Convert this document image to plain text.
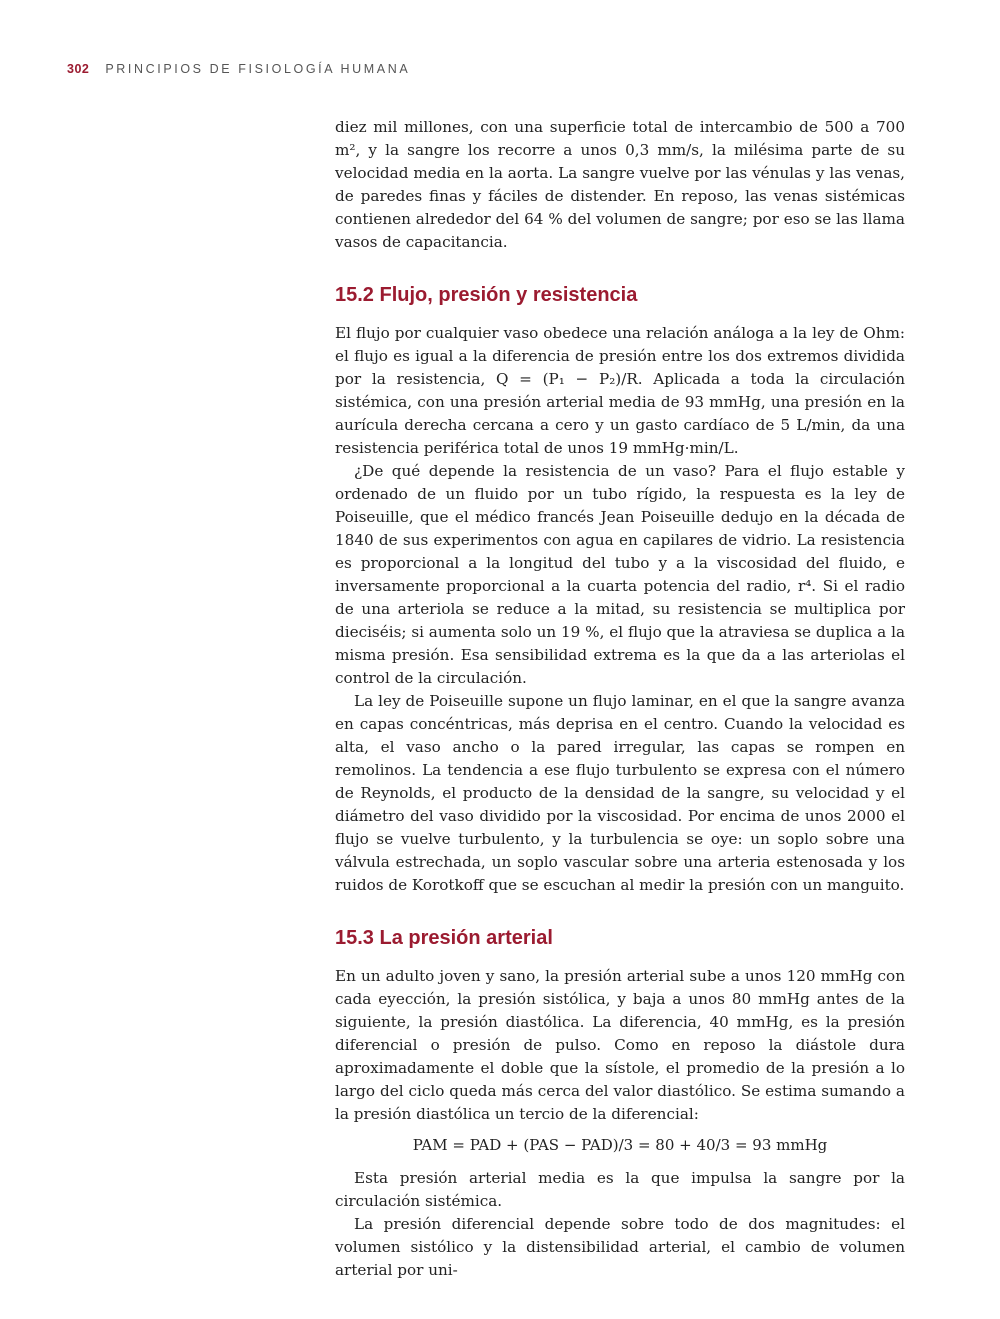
302 PRINCIPIOS DE FISIOLOGÍA HUMANA

diez mil millones, con una superficie total de intercambio de 500 a 700 m², y la sangre los recorre a unos 0,3 mm/s, la milésima parte de su velocidad media en la aorta. La sangre vuelve por las vénulas y las venas, de paredes finas y fáciles de distender. En reposo, las venas sistémicas contienen alrededor del 64 % del volumen de sangre; por eso se las llama vasos de capacitancia.

15.2 Flujo, presión y resistencia

El flujo por cualquier vaso obedece una relación análoga a la ley de Ohm: el flujo es igual a la diferencia de presión entre los dos extremos dividida por la resistencia, Q = (P₁ − P₂)/R. Aplicada a toda la circulación sistémica, con una presión arterial media de 93 mmHg, una presión en la aurícula derecha cercana a cero y un gasto cardíaco de 5 L/min, da una resistencia periférica total de unos 19 mmHg·min/L.

¿De qué depende la resistencia de un vaso? Para el flujo estable y ordenado de un fluido por un tubo rígido, la respuesta es la ley de Poiseuille, que el médico francés Jean Poiseuille dedujo en la década de 1840 de sus experimentos con agua en capilares de vidrio. La resistencia es proporcional a la longitud del tubo y a la viscosidad del fluido, e inversamente proporcional a la cuarta potencia del radio, r⁴. Si el radio de una arteriola se reduce a la mitad, su resistencia se multiplica por dieciséis; si aumenta solo un 19 %, el flujo que la atraviesa se duplica a la misma presión. Esa sensibilidad extrema es la que da a las arteriolas el control de la circulación.

La ley de Poiseuille supone un flujo laminar, en el que la sangre avanza en capas concéntricas, más deprisa en el centro. Cuando la velocidad es alta, el vaso ancho o la pared irregular, las capas se rompen en remolinos. La tendencia a ese flujo turbulento se expresa con el número de Reynolds, el producto de la densidad de la sangre, su velocidad y el diámetro del vaso dividido por la viscosidad. Por encima de unos 2000 el flujo se vuelve turbulento, y la turbulencia se oye: un soplo sobre una válvula estrechada, un soplo vascular sobre una arteria estenosada y los ruidos de Korotkoff que se escuchan al medir la presión con un manguito.

15.3 La presión arterial

En un adulto joven y sano, la presión arterial sube a unos 120 mmHg con cada eyección, la presión sistólica, y baja a unos 80 mmHg antes de la siguiente, la presión diastólica. La diferencia, 40 mmHg, es la presión diferencial o presión de pulso. Como en reposo la diástole dura aproximadamente el doble que la sístole, el promedio de la presión a lo largo del ciclo queda más cerca del valor diastólico. Se estima sumando a la presión diastólica un tercio de la diferencial:

PAM = PAD + (PAS − PAD)/3 = 80 + 40/3 = 93 mmHg

Esta presión arterial media es la que impulsa la sangre por la circulación sistémica.

La presión diferencial depende sobre todo de dos magnitudes: el volumen sistólico y la distensibilidad arterial, el cambio de volumen arterial por uni-
